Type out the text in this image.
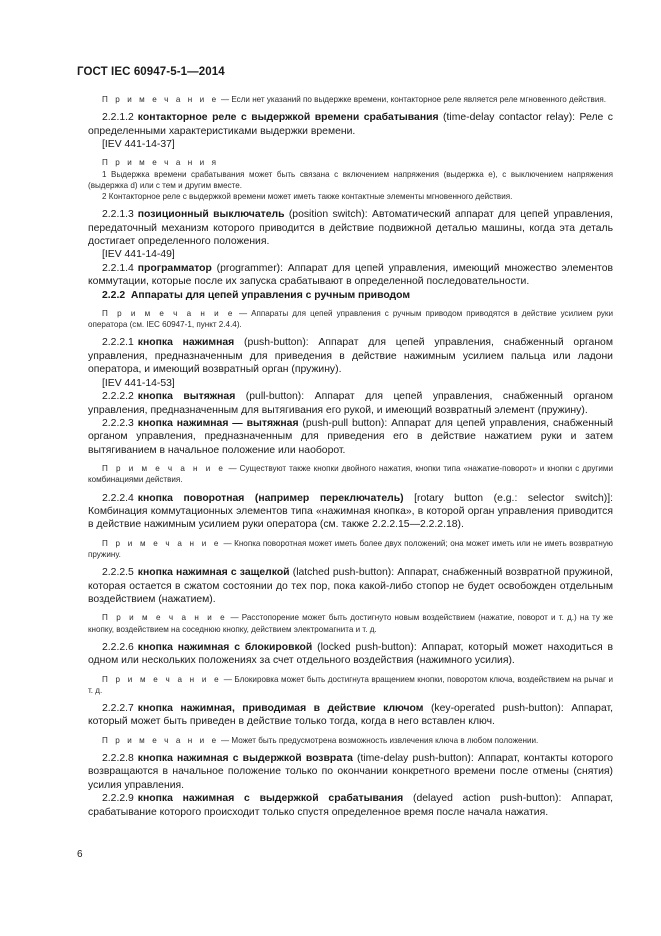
ГОСТ IEC 60947-5-1—2014

П р и м е ч а н и е — Если нет указаний по выдержке времени, контакторное реле является реле мгновенного действия.

2.2.1.2 контакторное реле с выдержкой времени срабатывания (time-delay contactor relay): Реле с определенными характеристиками выдержки времени.

[IEV 441-14-37]

П р и м е ч а н и я

1 Выдержка времени срабатывания может быть связана с включением напряжения (выдержка е), с выключением напряжения (выдержка d) или с тем и другим вместе.

2 Контакторное реле с выдержкой времени может иметь также контактные элементы мгновенного действия.

2.2.1.3 позиционный выключатель (position switch): Автоматический аппарат для цепей управления, передаточный механизм которого приводится в действие подвижной деталью машины, когда эта деталь достигает определенного положения.

[IEV 441-14-49]

2.2.1.4 программатор (programmer): Аппарат для цепей управления, имеющий множество элементов коммутации, которые после их запуска срабатывают в определенной последовательности.

2.2.2 Аппараты для цепей управления с ручным приводом

П р и м е ч а н и е — Аппараты для цепей управления с ручным приводом приводятся в действие усилием руки оператора (см. IEC 60947-1, пункт 2.4.4).

2.2.2.1 кнопка нажимная (push-button): Аппарат для цепей управления, снабженный органом управления, предназначенным для приведения в действие нажимным усилием пальца или ладони оператора, и имеющий возвратный орган (пружину).

[IEV 441-14-53]

2.2.2.2 кнопка вытяжная (pull-button): Аппарат для цепей управления, снабженный органом управления, предназначенным для вытягивания его рукой, и имеющий возвратный элемент (пружину).

2.2.2.3 кнопка нажимная — вытяжная (push-pull button): Аппарат для цепей управления, снабженный органом управления, предназначенным для приведения его в действие нажатием руки и затем вытягиванием в начальное положение или наоборот.

П р и м е ч а н и е — Существуют также кнопки двойного нажатия, кнопки типа «нажатие-поворот» и кнопки с другими комбинациями действия.

2.2.2.4 кнопка поворотная (например переключатель) [rotary button (e.g.: selector switch)]: Комбинация коммутационных элементов типа «нажимная кнопка», в которой орган управления приводится в действие нажимным усилием руки оператора (см. также 2.2.2.15—2.2.2.18).

П р и м е ч а н и е — Кнопка поворотная может иметь более двух положений; она может иметь или не иметь возвратную пружину.

2.2.2.5 кнопка нажимная с защелкой (latched push-button): Аппарат, снабженный возвратной пружиной, которая остается в сжатом состоянии до тех пор, пока какой-либо стопор не будет освобожден отдельным воздействием (нажатием).

П р и м е ч а н и е — Расстопорение может быть достигнуто новым воздействием (нажатие, поворот и т. д.) на ту же кнопку, воздействием на соседнюю кнопку, действием электромагнита и т. д.

2.2.2.6 кнопка нажимная с блокировкой (locked push-button): Аппарат, который может находиться в одном или нескольких положениях за счет отдельного воздействия (нажимного усилия).

П р и м е ч а н и е — Блокировка может быть достигнута вращением кнопки, поворотом ключа, воздействием на рычаг и т. д.

2.2.2.7 кнопка нажимная, приводимая в действие ключом (key-operated push-button): Аппарат, который может быть приведен в действие только тогда, когда в него вставлен ключ.

П р и м е ч а н и е — Может быть предусмотрена возможность извлечения ключа в любом положении.

2.2.2.8 кнопка нажимная с выдержкой возврата (time-delay push-button): Аппарат, контакты которого возвращаются в начальное положение только по окончании конкретного времени после отмены (снятия) усилия управления.

2.2.2.9 кнопка нажимная с выдержкой срабатывания (delayed action push-button): Аппарат, срабатывание которого происходит только спустя определенное время после начала нажатия.

6
